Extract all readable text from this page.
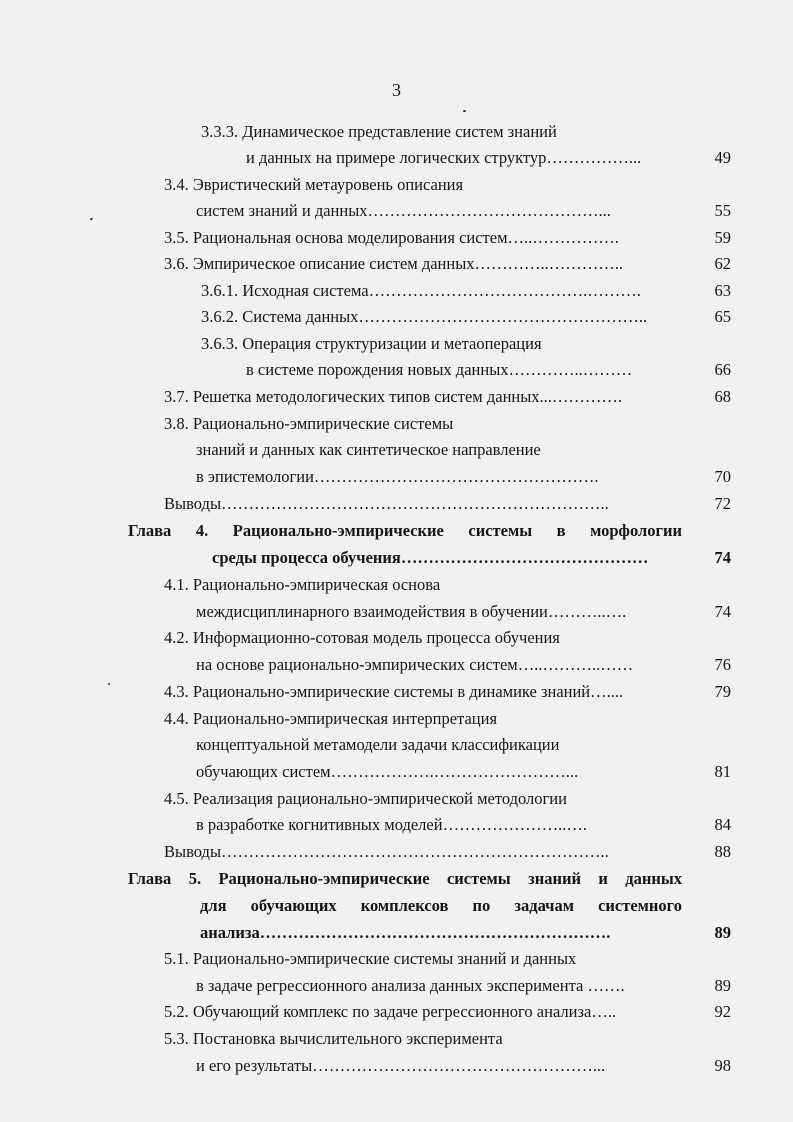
3
3.3.3. Динамическое представление систем знаний
и данных на примере логических структур……………...	49
3.4. Эвристический метауровень описания
систем знаний и данных……………………………………...	55
3.5. Рациональная основа моделирования систем…..…………….	59
3.6. Эмпирическое описание систем данных…………..…………..	62
3.6.1. Исходная система………………………………….……….	63
3.6.2. Система данных……………………………………………..	65
3.6.3. Операция структуризации и метаоперация
в системе порождения новых данных…………..………	66
3.7. Решетка методологических типов систем данных...………….	68
3.8. Рационально-эмпирические системы
знаний и данных как синтетическое направление
в эпистемологии…………………………………………….	70
Выводы……………………………………………………………..	72
Глава 4. Рационально-эмпирические системы в морфологии
среды процесса обучения………………………………………	74
4.1. Рационально-эмпирическая основа
междисциплинарного взаимодействия в обучении………..….	74
4.2. Информационно-сотовая модель процесса обучения
на основе рационально-эмпирических систем…..………..……	76
4.3. Рационально-эмпирические системы в динамике знаний…....	79
4.4. Рационально-эмпирическая интерпретация
концептуальной метамодели задачи классификации
обучающих систем……………….……………………...	81
4.5. Реализация рационально-эмпирической методологии
в разработке когнитивных моделей…………………..….	84
Выводы……………………………………………………………..	88
Глава 5. Рационально-эмпирические системы знаний и данных
для обучающих комплексов по задачам системного
анализа……………………………………………………….	89
5.1. Рационально-эмпирические системы знаний и данных
в задаче регрессионного анализа данных эксперимента …….	89
5.2. Обучающий комплекс по задаче регрессионного анализа…..	92
5.3. Постановка вычислительного эксперимента
и его результаты……………………………………………...	98
